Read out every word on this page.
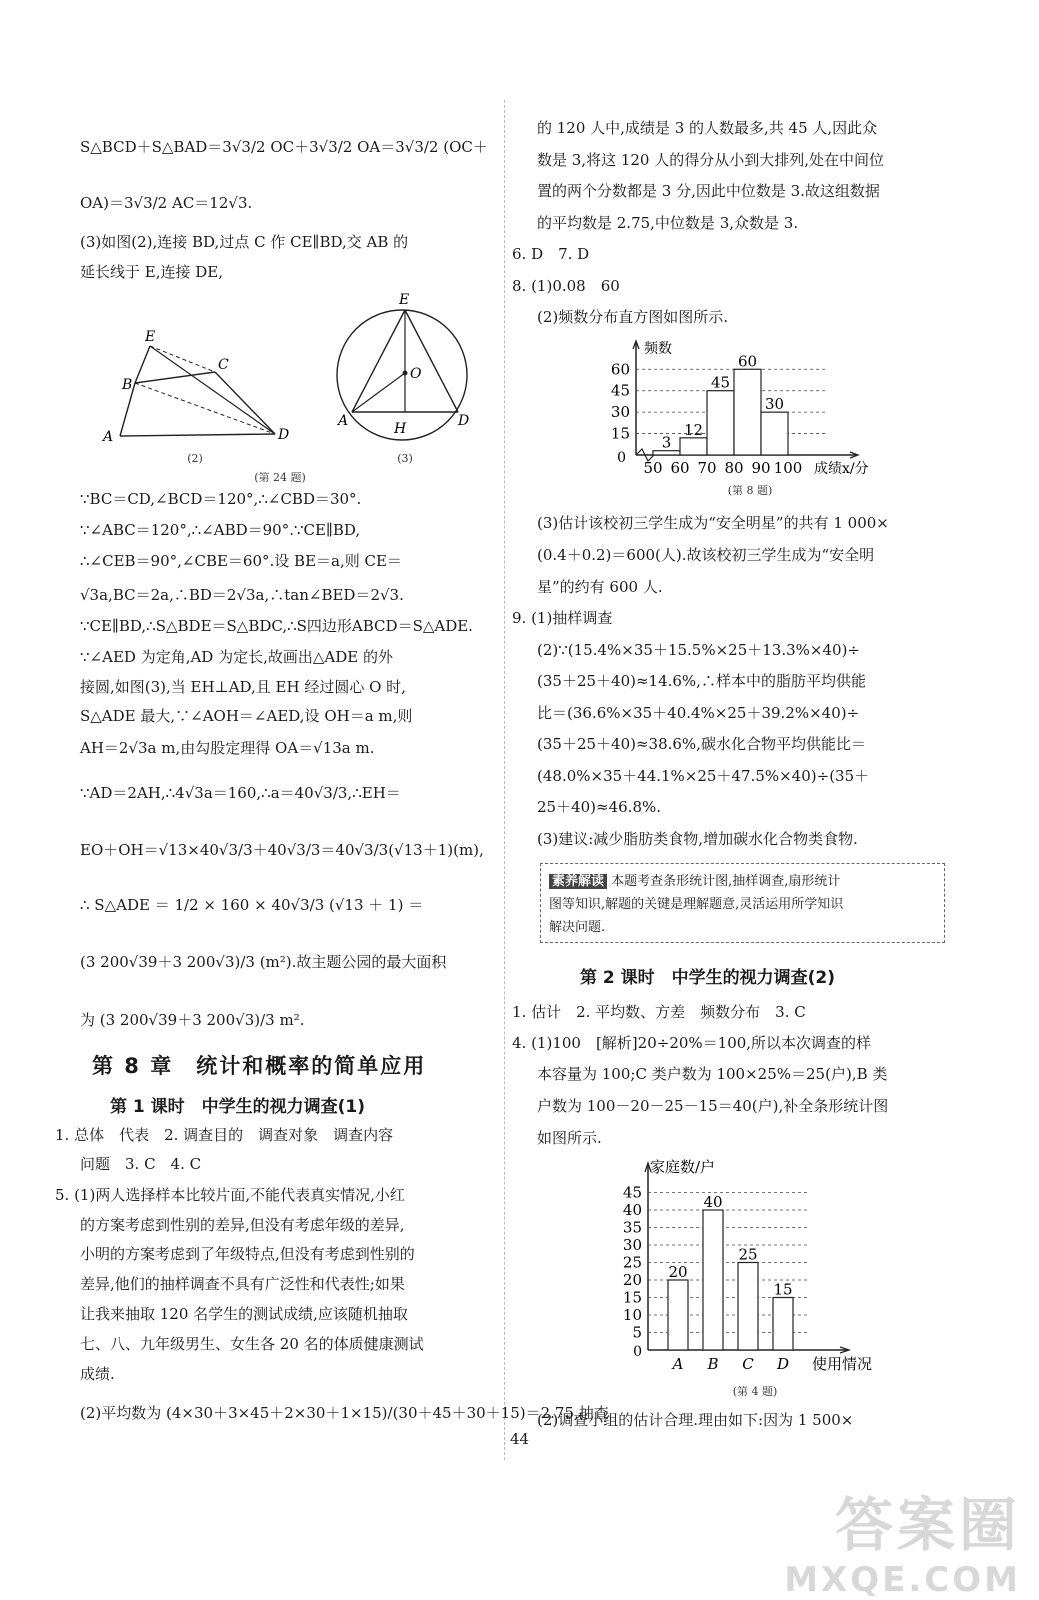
S△BCD＋S△BAD＝3√3/2 OC＋3√3/2 OA＝3√3/2 (OC＋
OA)＝3√3/2 AC＝12√3.
(3)如图(2),连接 BD,过点 C 作 CE∥BD,交 AB 的
延长线于 E,连接 DE,
A
B
C
D
E
(2)
E
O
A	D
H
(3)
(第 24 题)
∵BC＝CD,∠BCD＝120°,∴∠CBD＝30°.
∵∠ABC＝120°,∴∠ABD＝90°.∵CE∥BD,
∴∠CEB＝90°,∠CBE＝60°.设 BE＝a,则 CE＝
√3a,BC＝2a,∴BD＝2√3a,∴tan∠BED＝2√3.
∵CE∥BD,∴S△BDE＝S△BDC,∴S四边形ABCD＝S△ADE.
∵∠AED 为定角,AD 为定长,故画出△ADE 的外
接圆,如图(3),当 EH⊥AD,且 EH 经过圆心 O 时,
S△ADE 最大,∵∠AOH＝∠AED,设 OH＝a m,则
AH＝2√3a m,由勾股定理得 OA＝√13a m.
∵AD＝2AH,∴4√3a＝160,∴a＝40√3/3,∴EH＝
EO＋OH＝√13×40√3/3＋40√3/3＝40√3/3(√13＋1)(m),
∴ S△ADE ＝ 1/2 × 160 × 40√3/3 (√13 ＋ 1) ＝
(3 200√39＋3 200√3)/3 (m²).故主题公园的最大面积
为 (3 200√39＋3 200√3)/3 m².
第 8 章　统计和概率的简单应用
第 1 课时　中学生的视力调查(1)
1. 总体　代表　2. 调查目的　调查对象　调查内容
问题　3. C　4. C
5. (1)两人选择样本比较片面,不能代表真实情况,小红
的方案考虑到性别的差异,但没有考虑年级的差异,
小明的方案考虑到了年级特点,但没有考虑到性别的
差异,他们的抽样调查不具有广泛性和代表性;如果
让我来抽取 120 名学生的测试成绩,应该随机抽取
七、八、九年级男生、女生各 20 名的体质健康测试
成绩.
(2)平均数为 (4×30＋3×45＋2×30＋1×15)/(30＋45＋30＋15)＝2.75,抽查
的 120 人中,成绩是 3 的人数最多,共 45 人,因此众
数是 3,将这 120 人的得分从小到大排列,处在中间位
置的两个分数都是 3 分,因此中位数是 3.故这组数据
的平均数是 2.75,中位数是 3,众数是 3.
6. D　7. D
8. (1)0.08　60
(2)频数分布直方图如图所示.
15
30
45
60
0
频数
3
12
45
60
30
50 60 70 80 90 100 成绩x/分
(第 8 题)
(3)估计该校初三学生成为“安全明星”的共有 1 000×
(0.4＋0.2)＝600(人).故该校初三学生成为“安全明
星”的约有 600 人.
9. (1)抽样调查
(2)∵(15.4%×35＋15.5%×25＋13.3%×40)÷
(35＋25＋40)≈14.6%,∴样本中的脂肪平均供能
比＝(36.6%×35＋40.4%×25＋39.2%×40)÷
(35＋25＋40)≈38.6%,碳水化合物平均供能比＝
(48.0%×35＋44.1%×25＋47.5%×40)÷(35＋
25＋40)≈46.8%.
(3)建议:减少脂肪类食物,增加碳水化合物类食物.
素养解读 本题考查条形统计图,抽样调查,扇形统计
图等知识,解题的关键是理解题意,灵活运用所学知识
解决问题.
第 2 课时　中学生的视力调查(2)
1. 估计　2. 平均数、方差　频数分布　3. C
4. (1)100　[解析]20÷20%＝100,所以本次调查的样
本容量为 100;C 类户数为 100×25%＝25(户),B 类
户数为 100－20－25－15＝40(户),补全条形统计图
如图所示.
5
10
15
20
25
30
35
40
45
0
家庭数/户
20
A
40
B
25
C
15
D 使用情况
(第 4 题)
(2)调查小组的估计合理.理由如下:因为 1 500×
44
答案圈
MXQE.COM
